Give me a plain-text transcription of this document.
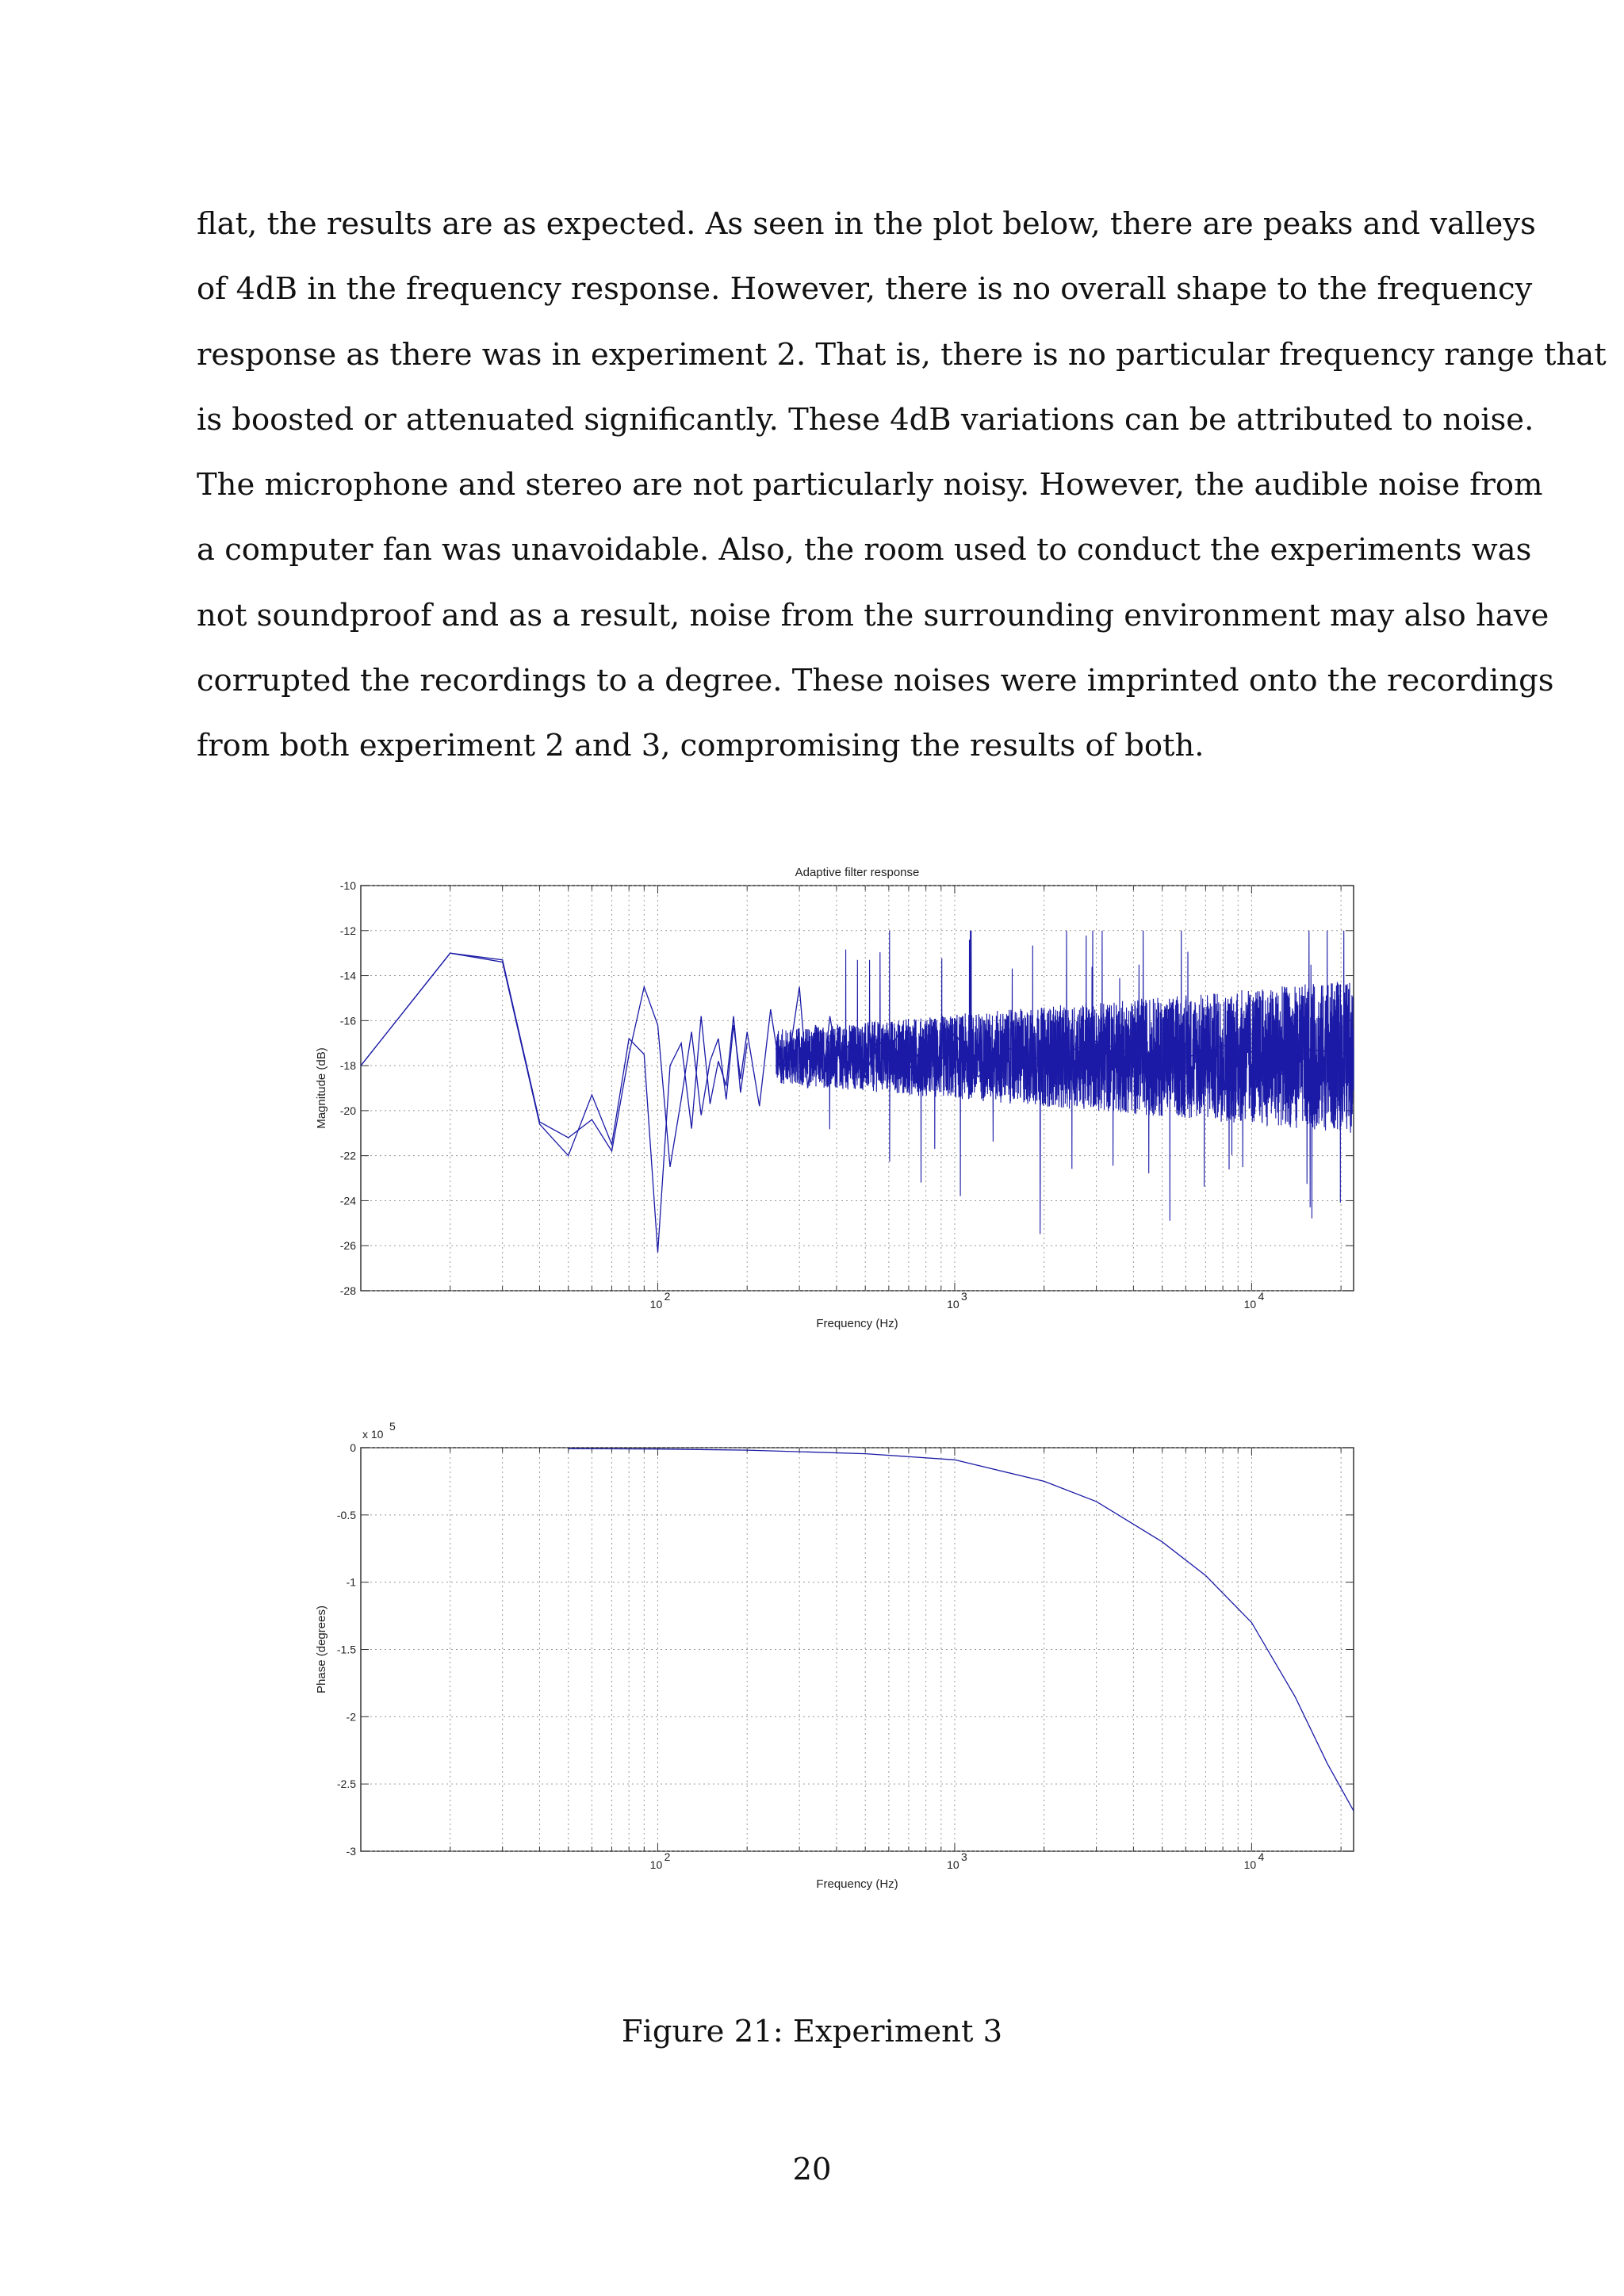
flat, the results are as expected. As seen in the plot below, there are peaks and valleys
of 4dB in the frequency response. However, there is no overall shape to the frequency
response as there was in experiment 2. That is, there is no particular frequency range that
is boosted or attenuated significantly. These 4dB variations can be attributed to noise.
The microphone and stereo are not particularly noisy. However, the audible noise from
a computer fan was unavoidable. Also, the room used to conduct the experiments was
not soundproof and as a result, noise from the surrounding environment may also have
corrupted the recordings to a degree. These noises were imprinted onto the recordings
from both experiment 2 and 3, compromising the results of both.
-10
-12
-14
-16
-18
-20
-22
-24
-26
-28
10
2
10
3
10
4
Frequency (Hz)
Magnitude (dB)
Adaptive filter response
0
-0.5
-1
-1.5
-2
-2.5
-3
10
2
10
3
10
4
Frequency (Hz)
Phase (degrees)
x 10
5
Figure 21: Experiment 3
20
